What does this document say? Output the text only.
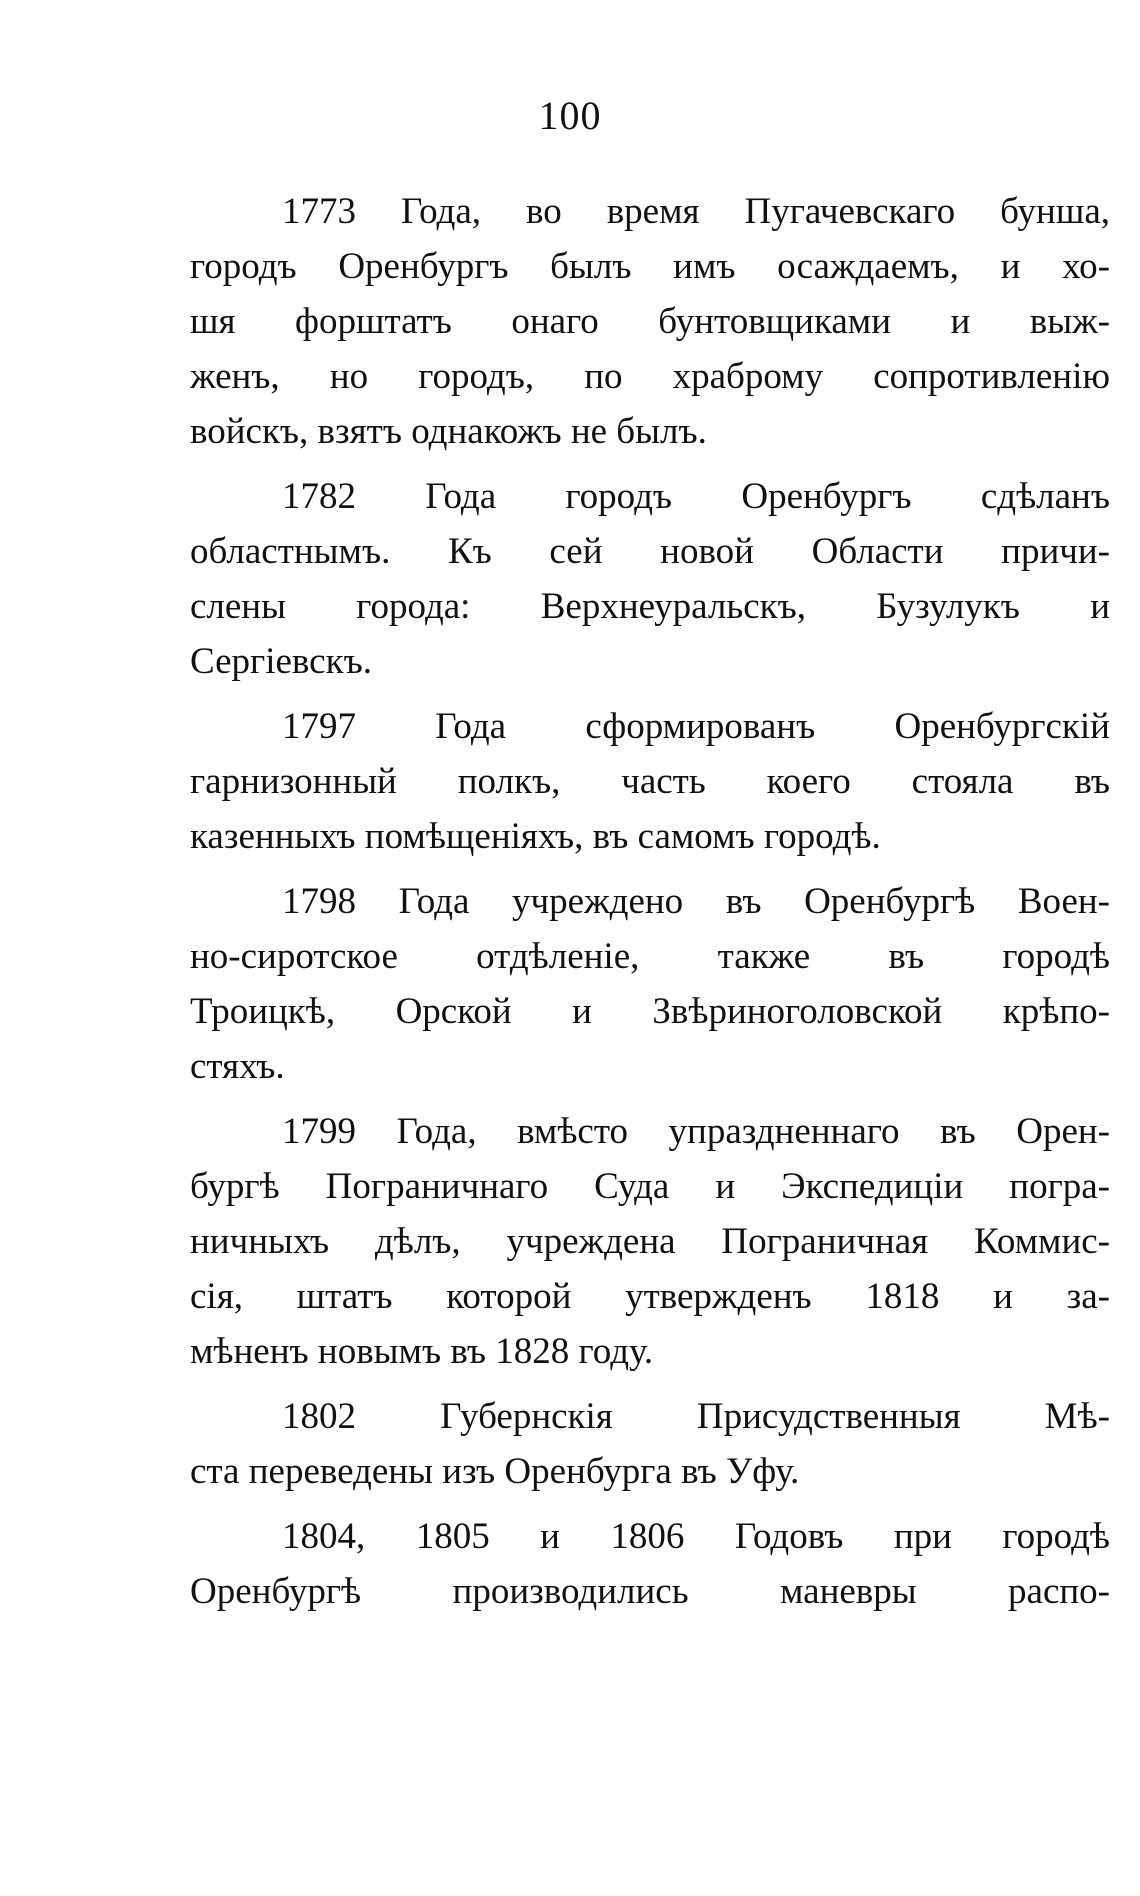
100
1773 Года, во время Пугачевскаго бунша,
городъ Оренбургъ былъ имъ осаждаемъ, и хо-
шя форштатъ онаго бунтовщиками и выж-
женъ, но городъ, по храброму сопротивленію
войскъ, взятъ однакожъ не былъ.
1782 Года городъ Оренбургъ сдѣланъ
областнымъ. Къ сей новой Области причи-
слены города: Верхнеуральскъ, Бузулукъ и
Сергіевскъ.
1797 Года сформированъ Оренбургскій
гарнизонный полкъ, часть коего стояла въ
казенныхъ помѣщеніяхъ, въ самомъ городѣ.
1798 Года учреждено въ Оренбургѣ Воен-
но-сиротское отдѣленіе, также въ городѣ
Троицкѣ, Орской и Звѣриноголовской крѣпо-
стяхъ.
1799 Года, вмѣсто упраздненнаго въ Орен-
бургѣ Пограничнаго Суда и Экспедиціи погра-
ничныхъ дѣлъ, учреждена Пограничная Коммис-
сія, штатъ которой утвержденъ 1818 и за-
мѣненъ новымъ въ 1828 году.
1802 Губернскія Присудственныя Мѣ-
ста переведены изъ Оренбурга въ Уфу.
1804, 1805 и 1806 Годовъ при городѣ
Оренбургѣ производились маневры распо-
